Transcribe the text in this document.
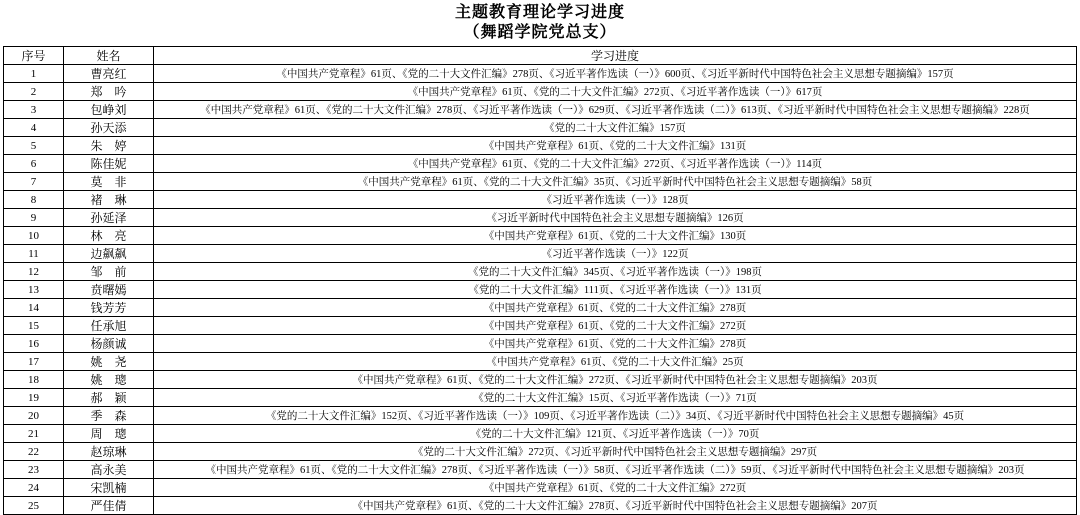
主题教育理论学习进度
（舞蹈学院党总支）
序号	姓名	学习进度
1	曹亮红	《中国共产党章程》61页、《党的二十大文件汇编》278页、《习近平著作选读（一）》600页、《习近平新时代中国特色社会主义思想专题摘编》157页
2	郑　吟	《中国共产党章程》61页、《党的二十大文件汇编》272页、《习近平著作选读（一）》617页
3	包峥刘	《中国共产党章程》61页、《党的二十大文件汇编》278页、《习近平著作选读（一）》629页、《习近平著作选读（二）》613页、《习近平新时代中国特色社会主义思想专题摘编》228页
4	孙天添	《党的二十大文件汇编》157页
5	朱　婷	《中国共产党章程》61页、《党的二十大文件汇编》131页
6	陈佳妮	《中国共产党章程》61页、《党的二十大文件汇编》272页、《习近平著作选读（一）》114页
7	莫　非	《中国共产党章程》61页、《党的二十大文件汇编》35页、《习近平新时代中国特色社会主义思想专题摘编》58页
8	褚　琳	《习近平著作选读（一）》128页
9	孙延泽	《习近平新时代中国特色社会主义思想专题摘编》126页
10	林　亮	《中国共产党章程》61页、《党的二十大文件汇编》130页
11	边飙飙	《习近平著作选读（一）》122页
12	邹　前	《党的二十大文件汇编》345页、《习近平著作选读（一）》198页
13	贲曙嫣	《党的二十大文件汇编》111页、《习近平著作选读（一）》131页
14	钱芳芳	《中国共产党章程》61页、《党的二十大文件汇编》278页
15	任承旭	《中国共产党章程》61页、《党的二十大文件汇编》272页
16	杨颜诚	《中国共产党章程》61页、《党的二十大文件汇编》278页
17	姚　尧	《中国共产党章程》61页、《党的二十大文件汇编》25页
18	姚　璁	《中国共产党章程》61页、《党的二十大文件汇编》272页、《习近平新时代中国特色社会主义思想专题摘编》203页
19	郝　颖	《党的二十大文件汇编》15页、《习近平著作选读（一）》71页
20	季　森	《党的二十大文件汇编》152页、《习近平著作选读（一）》109页、《习近平著作选读（二）》34页、《习近平新时代中国特色社会主义思想专题摘编》45页
21	周　璁	《党的二十大文件汇编》121页、《习近平著作选读（一）》70页
22	赵琼琳	《党的二十大文件汇编》272页、《习近平新时代中国特色社会主义思想专题摘编》297页
23	高永美	《中国共产党章程》61页、《党的二十大文件汇编》278页、《习近平著作选读（一）》58页、《习近平著作选读（二）》59页、《习近平新时代中国特色社会主义思想专题摘编》203页
24	宋凯楠	《中国共产党章程》61页、《党的二十大文件汇编》272页
25	严佳倩	《中国共产党章程》61页、《党的二十大文件汇编》278页、《习近平新时代中国特色社会主义思想专题摘编》207页
